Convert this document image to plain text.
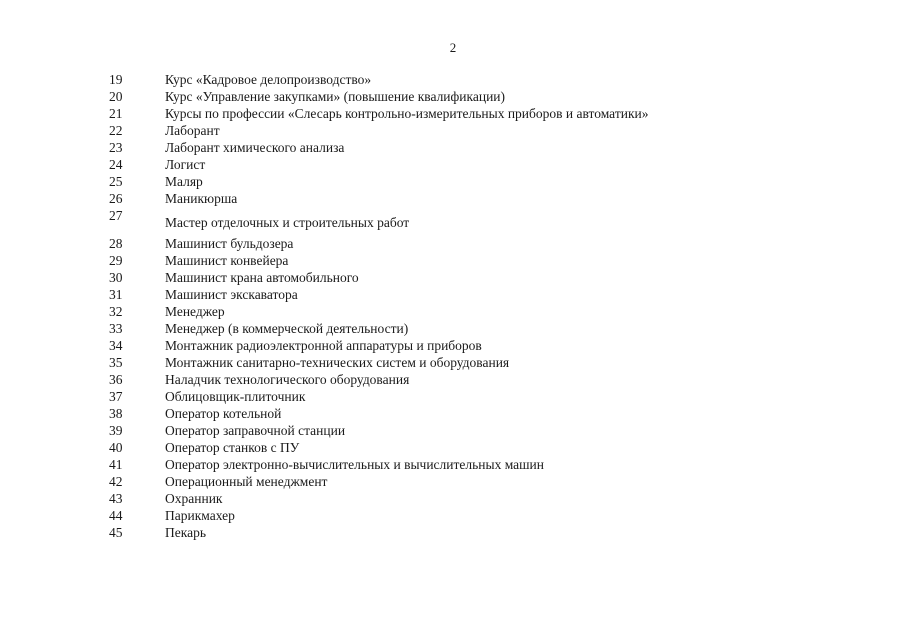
2
19	Курс «Кадровое делопроизводство»
20	Курс «Управление закупками» (повышение квалификации)
21	Курсы по профессии «Слесарь контрольно-измерительных приборов и автоматики»
22	Лаборант
23	Лаборант химического анализа
24	Логист
25	Маляр
26	Маникюрша
27	Мастер отделочных и строительных работ
28	Машинист бульдозера
29	Машинист конвейера
30	Машинист крана автомобильного
31	Машинист экскаватора
32	Менеджер
33	Менеджер (в коммерческой деятельности)
34	Монтажник радиоэлектронной аппаратуры и приборов
35	Монтажник санитарно-технических систем и оборудования
36	Наладчик технологического оборудования
37	Облицовщик-плиточник
38	Оператор котельной
39	Оператор заправочной станции
40	Оператор станков с ПУ
41	Оператор электронно-вычислительных и вычислительных машин
42	Операционный менеджмент
43	Охранник
44	Парикмахер
45	Пекарь
